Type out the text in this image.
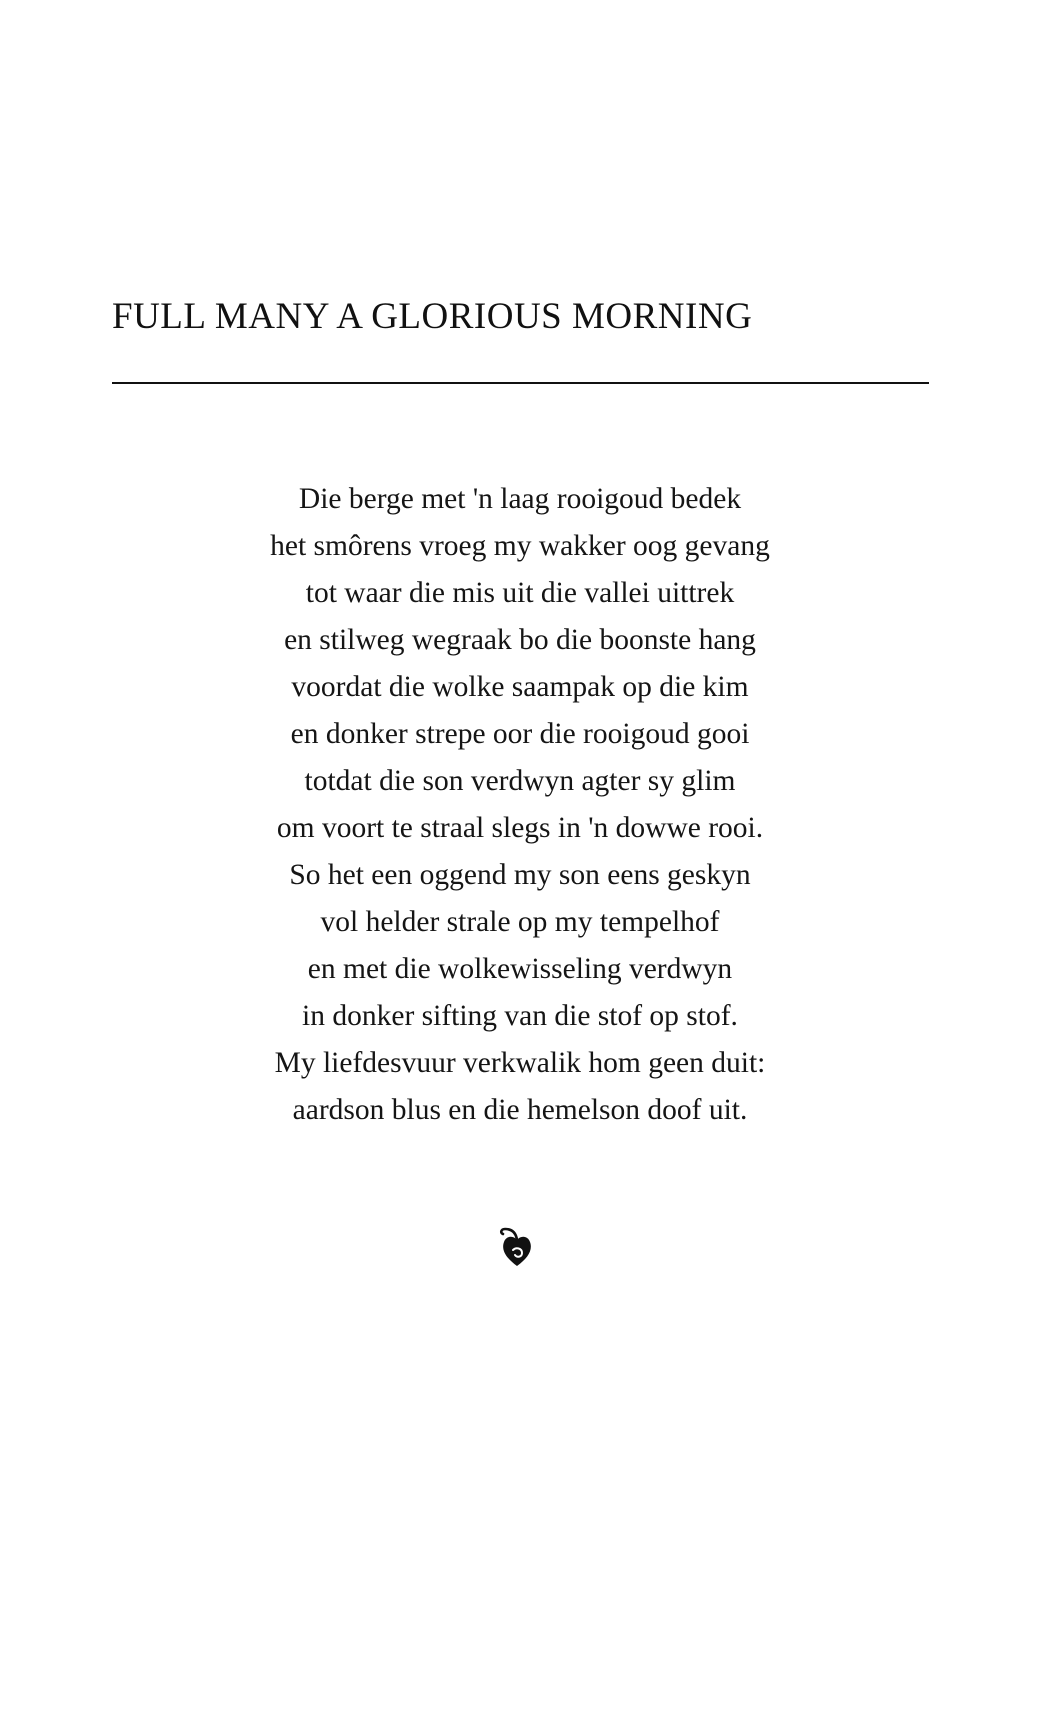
FULL MANY A GLORIOUS MORNING
Die berge met 'n laag rooigoud bedek
het smôrens vroeg my wakker oog gevang
tot waar die mis uit die vallei uittrek
en stilweg wegraak bo die boonste hang
voordat die wolke saampak op die kim
en donker strepe oor die rooigoud gooi
totdat die son verdwyn agter sy glim
om voort te straal slegs in 'n dowwe rooi.
So het een oggend my son eens geskyn
vol helder strale op my tempelhof
en met die wolkewisseling verdwyn
in donker sifting van die stof op stof.
My liefdesvuur verkwalik hom geen duit:
aardson blus en die hemelson doof uit.
